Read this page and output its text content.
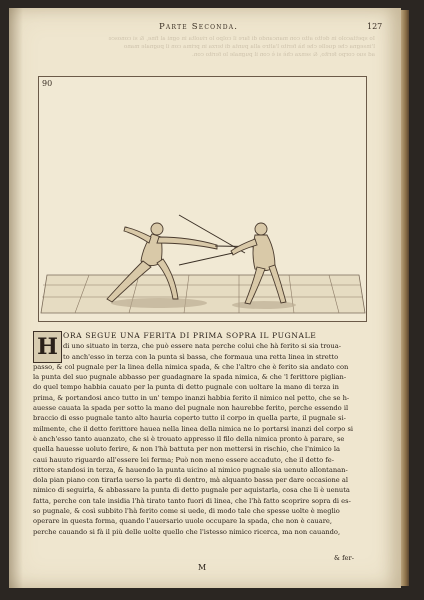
Parte Seconda.	127
Io spettacolo in detto atto con mancando di fare il colpo lo riuolta in ogni al fine, & si conosce
l'insegna che quelle che hà ferito l'altro alla punta di terza in prima con il pugnale mano
ad suo corpo ferito, & senza chè si è con il pugnale lo ferito con.
90
ORA SEGUE UNA FERITA DI PRIMA SOPRA IL PUGNALE
di uno situato in terza, che può essere nata perche colui che hà ferito si sia troua-
to anch'esso in terza con la punta sì bassa, che formaua una retta linea in stretto
passo, & col pugnale per la linea della nimica spada, & che l'altro che è ferito sia andato con
la punta del suo pugnale abbasso per guadagnare la spada nimica, & che 'l ferittore piglian-
do quel tempo habbia cauato per la punta di detto pugnale con uoltare la mano di terza in
prima, & portandosi anco tutto in un' tempo inanzi habbia ferito il nimico nel petto, che se h-
auesse cauata la spada per sotto la mano del pugnale non haurebbe ferito, perche essendo il
braccio di esso pugnale tanto alto hauria coperto tutto il corpo in quella parte, il pugnale si-
milmente, che il detto ferittore hauea nella linea della nimica ne lo portarsi inanzi del corpo si
è anch'esso tanto auanzato, che si è trouato appresso il filo della nimica pronto à parare, se
quella hauesse uoluto ferire, & non l'hà battuta per non mettersi in rischio, che l'nimico la
caui hauuto riguardo all'essere lei ferma; Può non meno essere accaduto, che il detto fe-
rittore standosi in terza, & hauendo la punta uicino al nimico pugnale sia uenuto allontanan-
dola pian piano con tirarla uerso la parte di dentro, mà alquanto bassa per dare occasione al
nimico di seguirla, & abbassare la punta di detto pugnale per aquistarla, cosa che li è uenuta
fatta, perche con tale insidia l'hà tirato tanto fuori di linea, che l'hà fatto scoprire sopra di es-
so pugnale, & così subbito l'hà ferito come si uede, di modo tale che spesse uolte è meglio
operare in questa forma, quando l'auersario uuole occupare la spada, che non è cauare,
perche cauando si fà il più delle uolte quello che l'istesso nimico ricerca, ma non cauando,
H
& fer-
M
